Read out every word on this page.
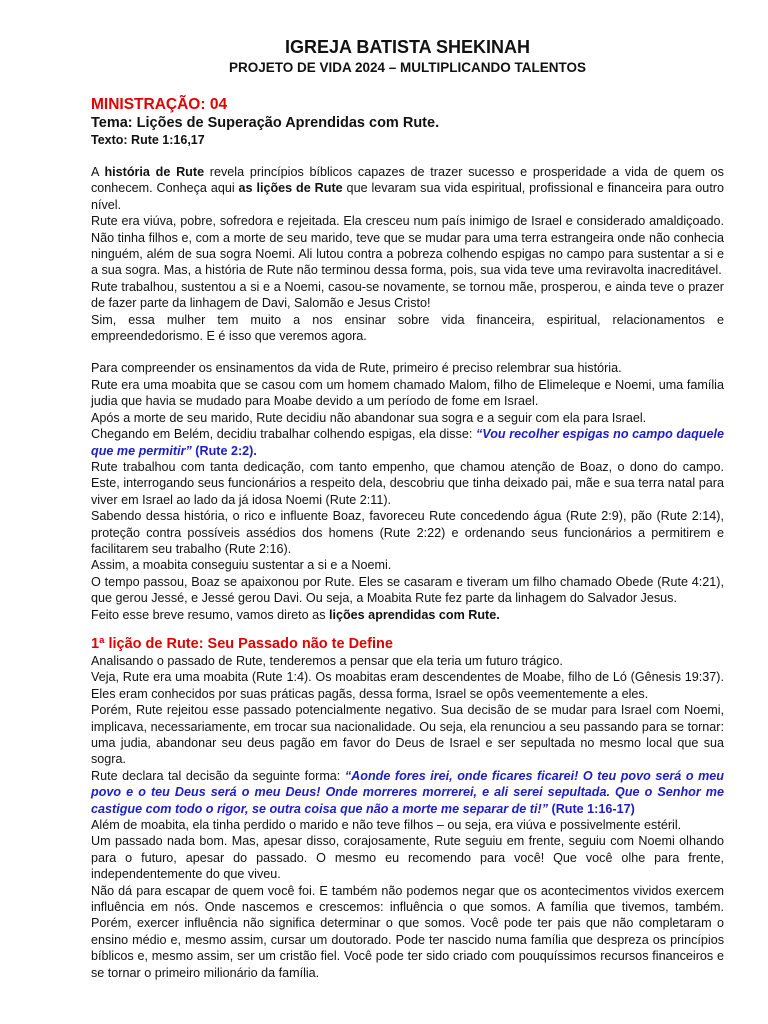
IGREJA BATISTA SHEKINAH
PROJETO DE VIDA 2024 – MULTIPLICANDO TALENTOS
MINISTRAÇÃO: 04
Tema: Lições de Superação Aprendidas com Rute.
Texto: Rute 1:16,17

A história de Rute revela princípios bíblicos capazes de trazer sucesso e prosperidade a vida de quem os conhecem. Conheça aqui as lições de Rute que levaram sua vida espiritual, profissional e financeira para outro nível.

Rute era viúva, pobre, sofredora e rejeitada. Ela cresceu num país inimigo de Israel e considerado amaldiçoado. Não tinha filhos e, com a morte de seu marido, teve que se mudar para uma terra estrangeira onde não conhecia ninguém, além de sua sogra Noemi. Ali lutou contra a pobreza colhendo espigas no campo para sustentar a si e a sua sogra. Mas, a história de Rute não terminou dessa forma, pois, sua vida teve uma reviravolta inacreditável.

Rute trabalhou, sustentou a si e a Noemi, casou-se novamente, se tornou mãe, prosperou, e ainda teve o prazer de fazer parte da linhagem de Davi, Salomão e Jesus Cristo!

Sim, essa mulher tem muito a nos ensinar sobre vida financeira, espiritual, relacionamentos e empreendedorismo. E é isso que veremos agora.

Para compreender os ensinamentos da vida de Rute, primeiro é preciso relembrar sua história.

Rute era uma moabita que se casou com um homem chamado Malom, filho de Elimeleque e Noemi, uma família judia que havia se mudado para Moabe devido a um período de fome em Israel.

Após a morte de seu marido, Rute decidiu não abandonar sua sogra e a seguir com ela para Israel.

Chegando em Belém, decidiu trabalhar colhendo espigas, ela disse: “Vou recolher espigas no campo daquele que me permitir” (Rute 2:2).

Rute trabalhou com tanta dedicação, com tanto empenho, que chamou atenção de Boaz, o dono do campo. Este, interrogando seus funcionários a respeito dela, descobriu que tinha deixado pai, mãe e sua terra natal para viver em Israel ao lado da já idosa Noemi (Rute 2:11).

Sabendo dessa história, o rico e influente Boaz, favoreceu Rute concedendo água (Rute 2:9), pão (Rute 2:14), proteção contra possíveis assédios dos homens (Rute 2:22) e ordenando seus funcionários a permitirem e facilitarem seu trabalho (Rute 2:16).

Assim, a moabita conseguiu sustentar a si e a Noemi.

O tempo passou, Boaz se apaixonou por Rute. Eles se casaram e tiveram um filho chamado Obede (Rute 4:21), que gerou Jessé, e Jessé gerou Davi. Ou seja, a Moabita Rute fez parte da linhagem do Salvador Jesus.

Feito esse breve resumo, vamos direto as lições aprendidas com Rute.

1ª lição de Rute: Seu Passado não te Define

Analisando o passado de Rute, tenderemos a pensar que ela teria um futuro trágico.

Veja, Rute era uma moabita (Rute 1:4). Os moabitas eram descendentes de Moabe, filho de Ló (Gênesis 19:37). Eles eram conhecidos por suas práticas pagãs, dessa forma, Israel se opôs veementemente a eles.

Porém, Rute rejeitou esse passado potencialmente negativo. Sua decisão de se mudar para Israel com Noemi, implicava, necessariamente, em trocar sua nacionalidade. Ou seja, ela renunciou a seu passando para se tornar: uma judia, abandonar seu deus pagão em favor do Deus de Israel e ser sepultada no mesmo local que sua sogra.

Rute declara tal decisão da seguinte forma: “Aonde fores irei, onde ficares ficarei! O teu povo será o meu povo e o teu Deus será o meu Deus! Onde morreres morrerei, e ali serei sepultada. Que o Senhor me castigue com todo o rigor, se outra coisa que não a morte me separar de ti!” (Rute 1:16-17)

Além de moabita, ela tinha perdido o marido e não teve filhos – ou seja, era viúva e possivelmente estéril.

Um passado nada bom. Mas, apesar disso, corajosamente, Rute seguiu em frente, seguiu com Noemi olhando para o futuro, apesar do passado. O mesmo eu recomendo para você! Que você olhe para frente, independentemente do que viveu.

Não dá para escapar de quem você foi. E também não podemos negar que os acontecimentos vividos exercem influência em nós. Onde nascemos e crescemos: influência o que somos. A família que tivemos, também. Porém, exercer influência não significa determinar o que somos. Você pode ter pais que não completaram o ensino médio e, mesmo assim, cursar um doutorado. Pode ter nascido numa família que despreza os princípios bíblicos e, mesmo assim, ser um cristão fiel. Você pode ter sido criado com pouquíssimos recursos financeiros e se tornar o primeiro milionário da família.
